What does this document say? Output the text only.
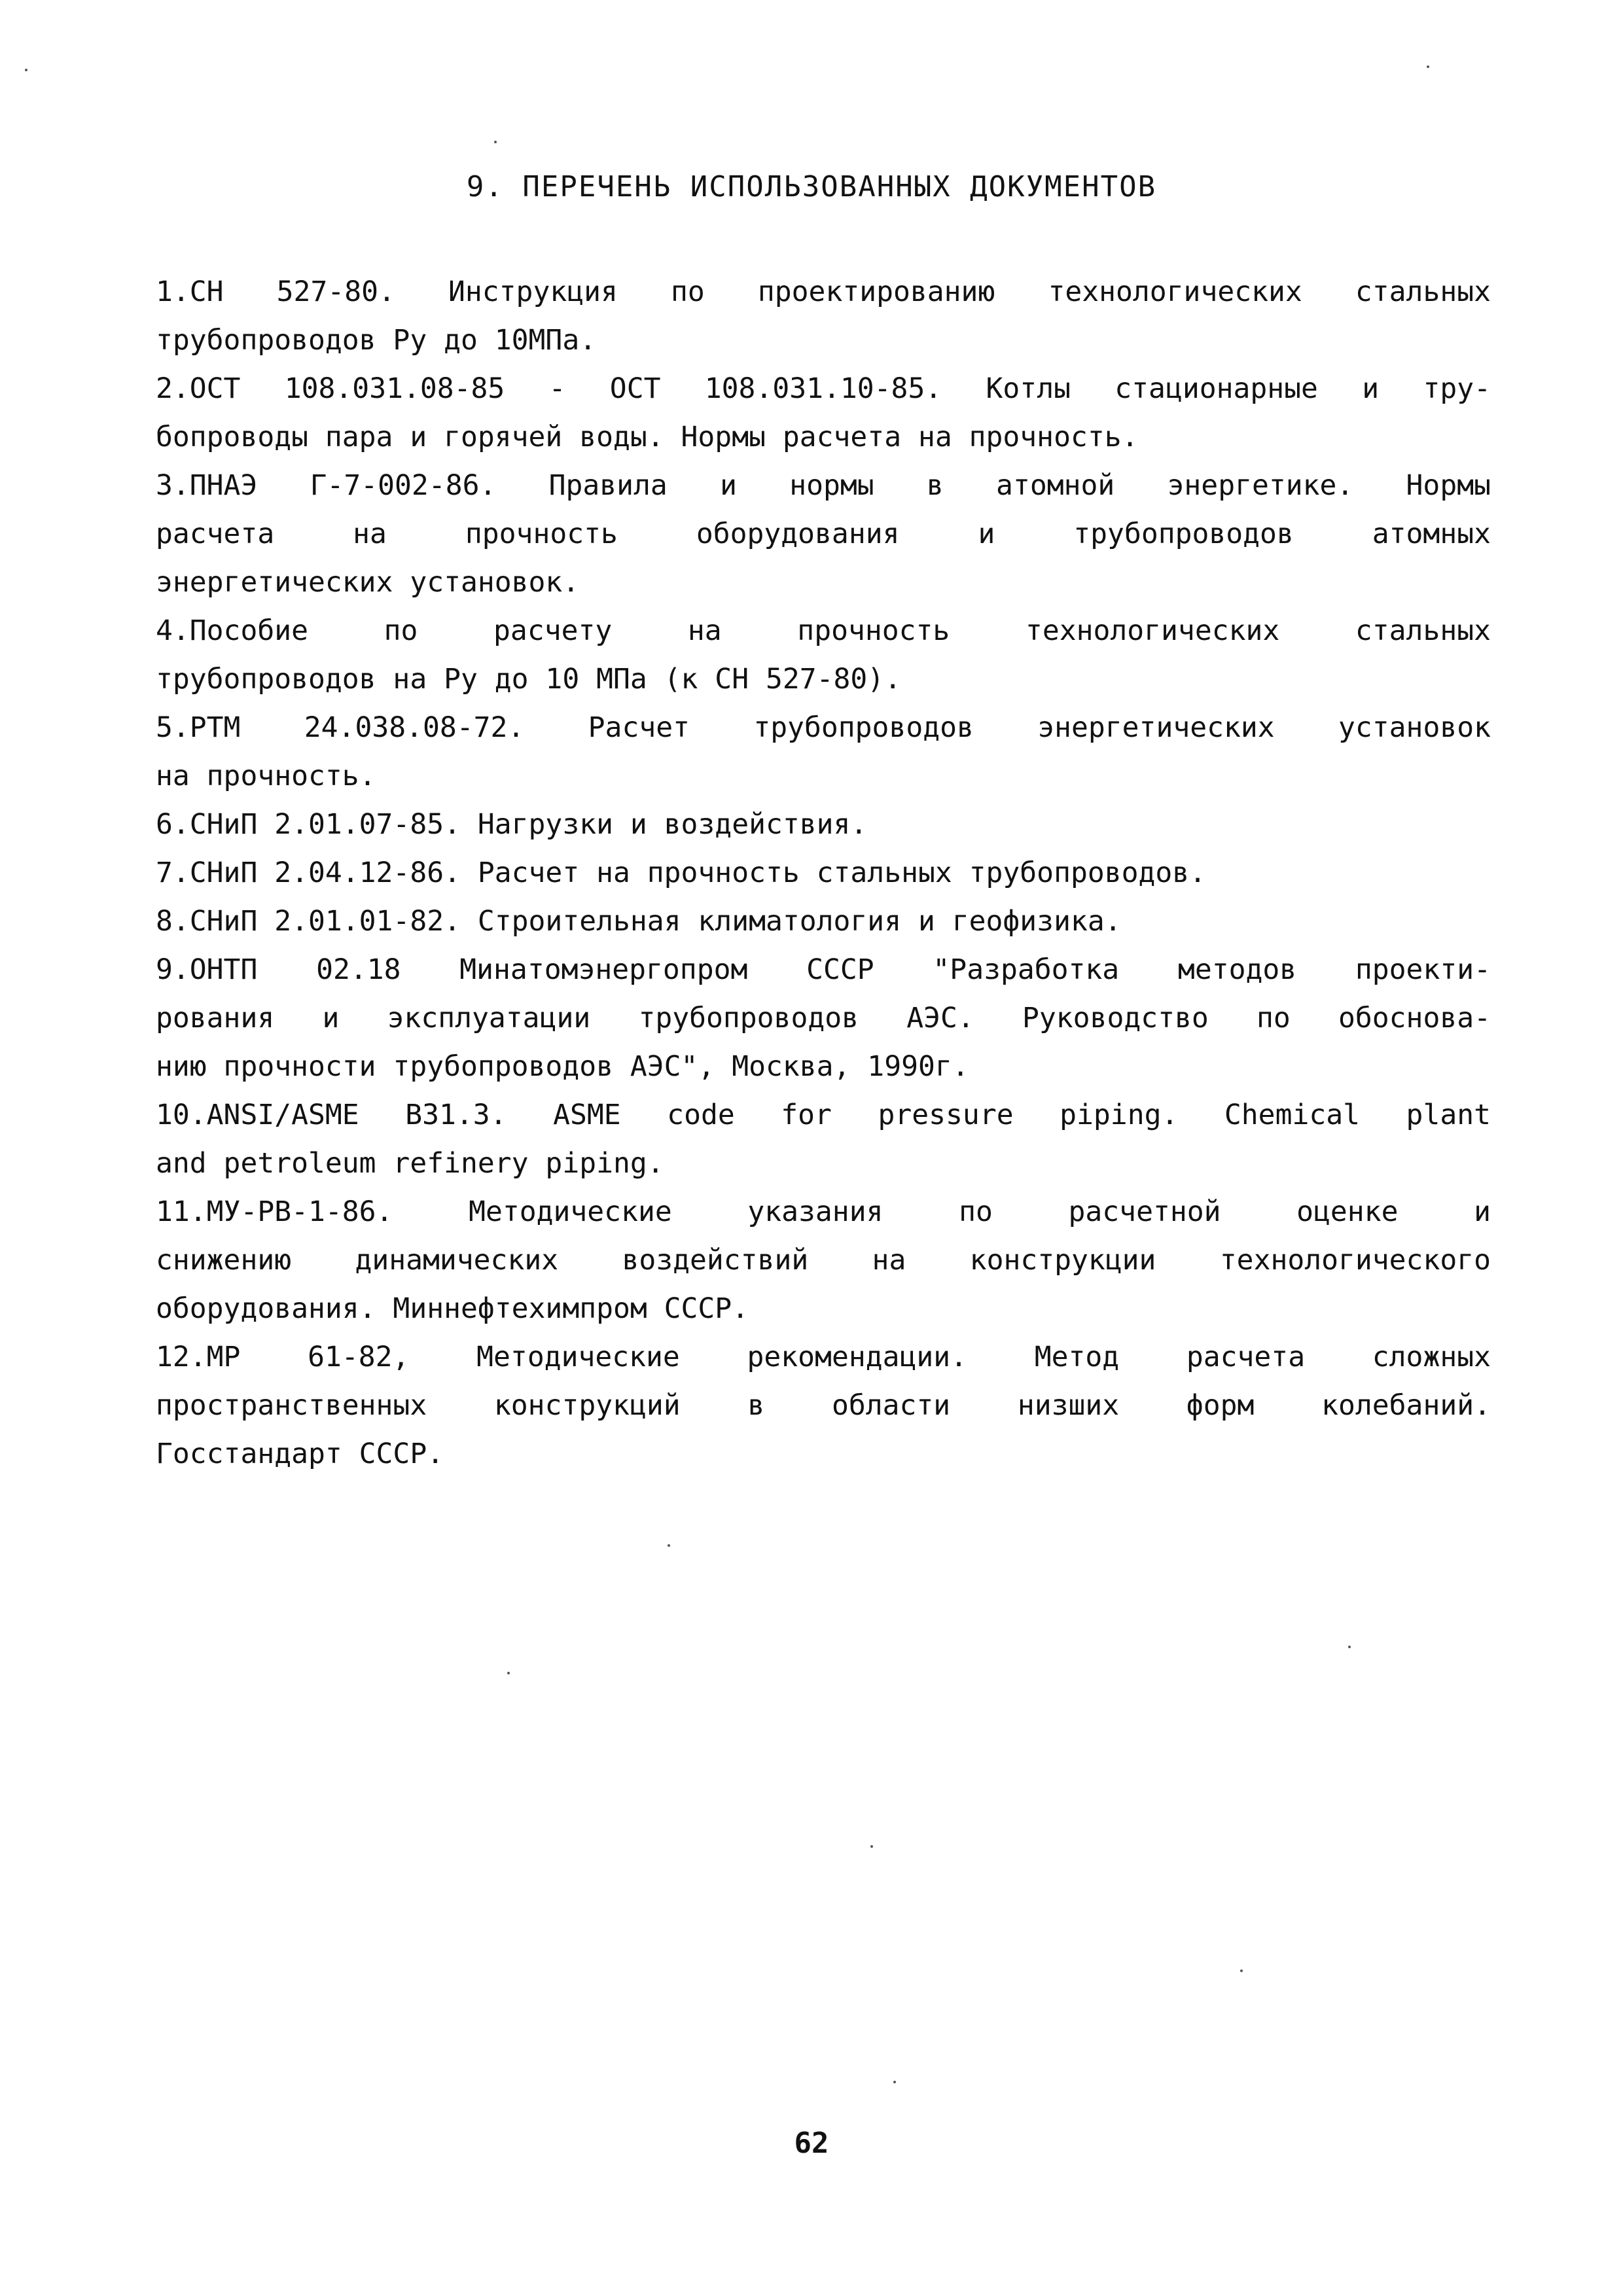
9. ПЕРЕЧЕНЬ ИСПОЛЬЗОВАННЫХ ДОКУМЕНТОВ
1.СН 527-80. Инструкция по проектированию технологических стальных
трубопроводов Ру до 10МПа.
2.ОСТ 108.031.08-85 - ОСТ 108.031.10-85. Котлы стационарные и тру-
бопроводы пара и горячей воды. Нормы расчета на прочность.
3.ПНАЭ Г-7-002-86. Правила и нормы в атомной энергетике. Нормы
расчета на прочность оборудования и трубопроводов атомных
энергетических установок.
4.Пособие по расчету на прочность технологических стальных
трубопроводов на Ру до 10 МПа (к СН 527-80).
5.РТМ 24.038.08-72. Расчет трубопроводов энергетических установок
на прочность.
6.СНиП 2.01.07-85. Нагрузки и воздействия.
7.СНиП 2.04.12-86. Расчет на прочность стальных трубопроводов.
8.СНиП 2.01.01-82. Строительная климатология и геофизика.
9.ОНТП 02.18 Минатомэнергопром СССР "Разработка методов проекти-
рования и эксплуатации трубопроводов АЭС. Руководство по обоснова-
нию прочности трубопроводов АЭС", Москва, 1990г.
10.ANSI/ASME B31.3. ASME code for pressure piping. Chemical plant
and petroleum refinery piping.
11.МУ-РВ-1-86. Методические указания по расчетной оценке и
снижению динамических воздействий на конструкции технологического
оборудования. Миннефтехимпром СССР.
12.МР 61-82, Методические рекомендации. Метод расчета сложных
пространственных конструкций в области низших форм колебаний.
Госстандарт СССР.
62
